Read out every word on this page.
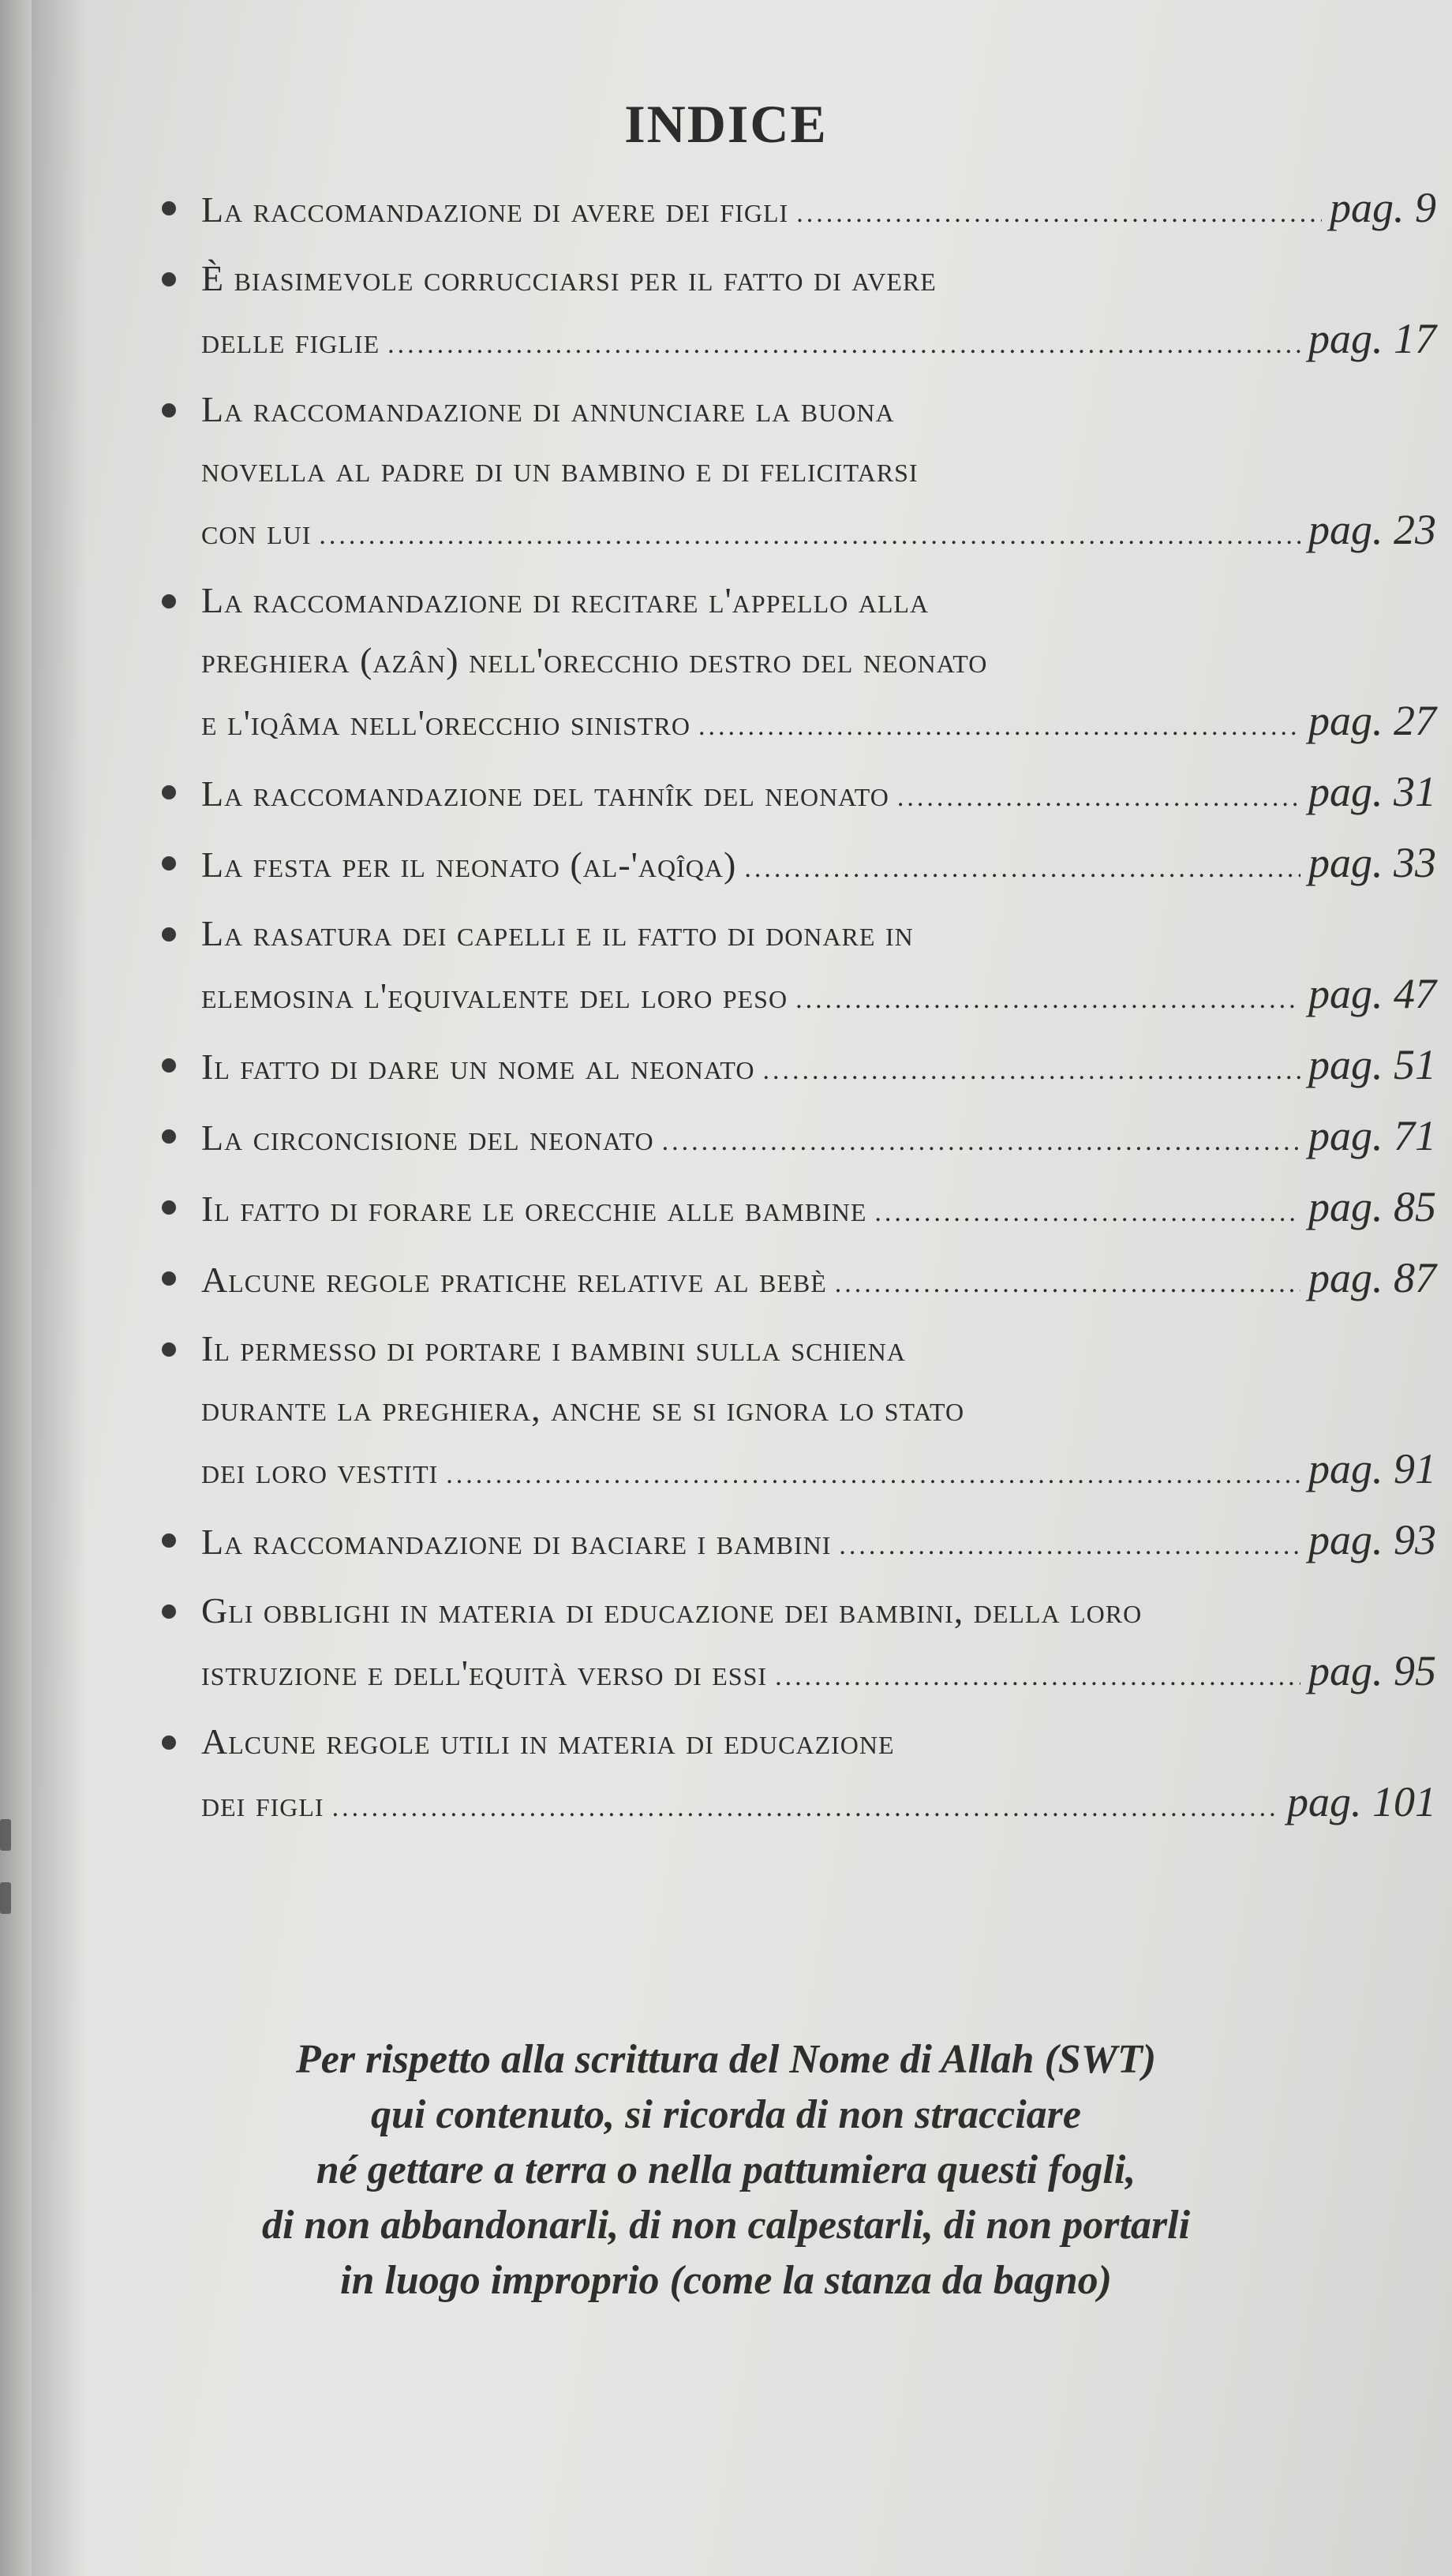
INDICE
La raccomandazione di avere dei figli .....	pag. 9
È biasimevole corrucciarsi per il fatto di avere
delle figlie .....	pag. 17
La raccomandazione di annunciare la buona
novella al padre di un bambino e di felicitarsi
con lui .....	pag. 23
La raccomandazione di recitare l'appello alla
preghiera (azân) nell'orecchio destro del neonato
e l'iqâma nell'orecchio sinistro .....	pag. 27
La raccomandazione del tahnîk del neonato .....	pag. 31
La festa per il neonato (al-'aqîqa) .....	pag. 33
La rasatura dei capelli e il fatto di donare in
elemosina l'equivalente del loro peso .....	pag. 47
Il fatto di dare un nome al neonato .....	pag. 51
La circoncisione del neonato .....	pag. 71
Il fatto di forare le orecchie alle bambine .....	pag. 85
Alcune regole pratiche relative al bebè .....	pag. 87
Il permesso di portare i bambini sulla schiena
durante la preghiera, anche se si ignora lo stato
dei loro vestiti .....	pag. 91
La raccomandazione di baciare i bambini .....	pag. 93
Gli obblighi in materia di educazione dei bambini, della loro
istruzione e dell'equità verso di essi .....	pag. 95
Alcune regole utili in materia di educazione
dei figli .....	pag. 101
Per rispetto alla scrittura del Nome di Allah (SWT)
qui contenuto, si ricorda di non stracciare
né gettare a terra o nella pattumiera questi fogli,
di non abbandonarli, di non calpestarli, di non portarli
in luogo improprio (come la stanza da bagno)
